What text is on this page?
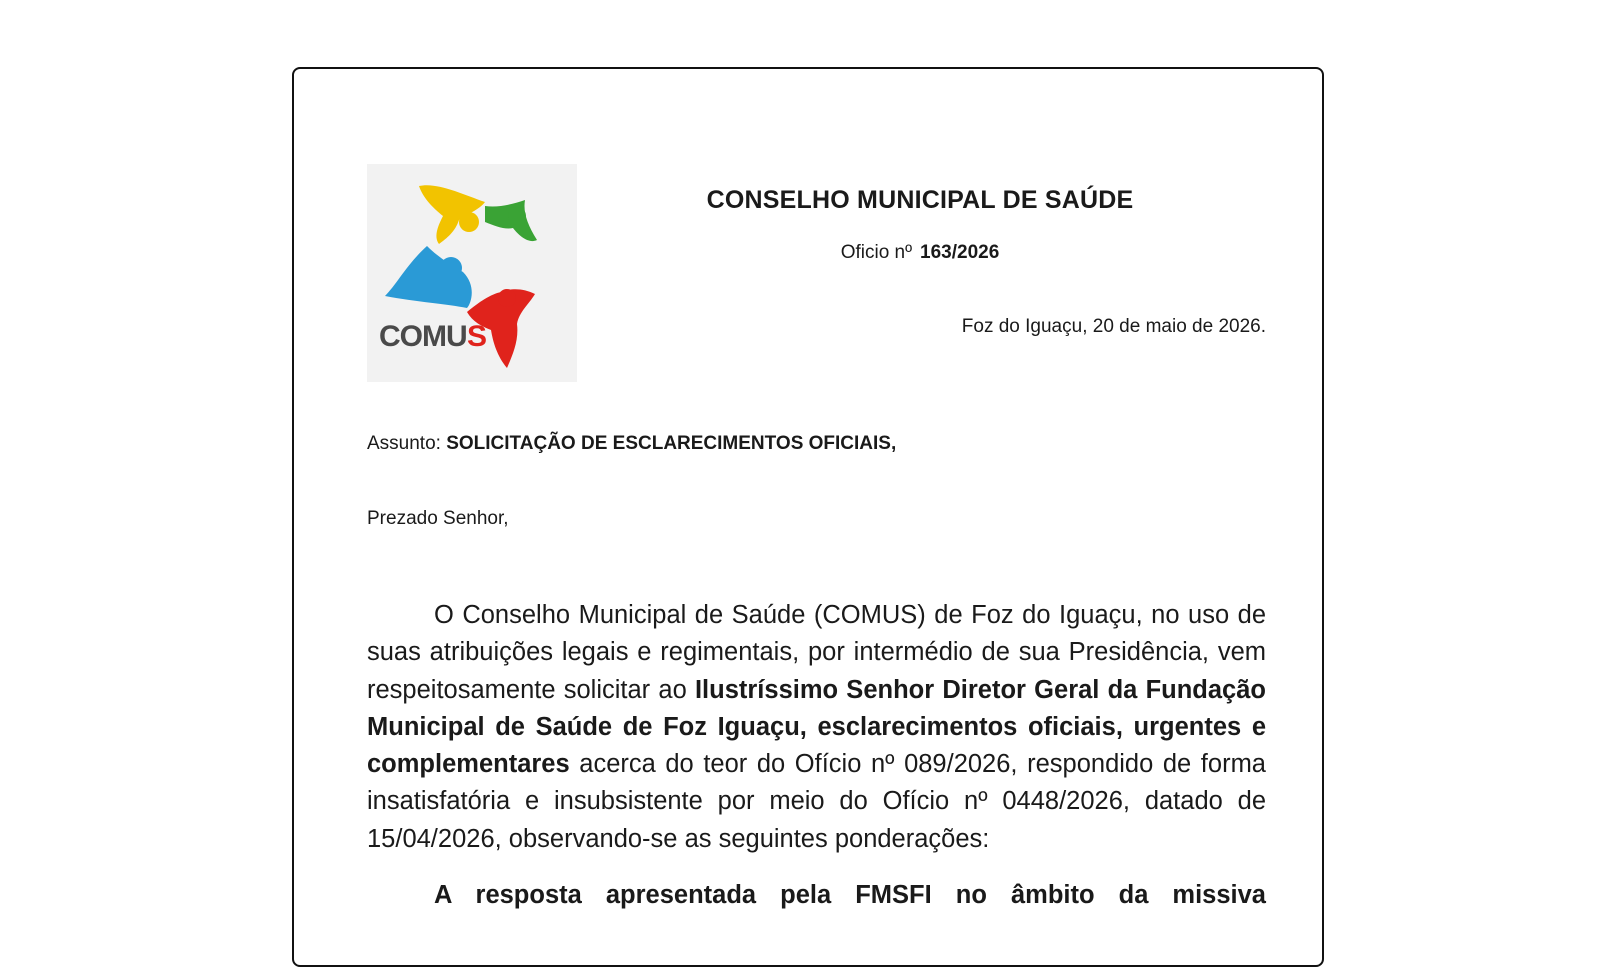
COMU S
CONSELHO MUNICIPAL DE SAÚDE
Oficio nº 163/2026
Foz do Iguaçu, 20 de maio de 2026.
Assunto: SOLICITAÇÃO DE ESCLARECIMENTOS OFICIAIS,
Prezado Senhor,

O Conselho Municipal de Saúde (COMUS) de Foz do Iguaçu, no uso de suas atribuições legais e regimentais, por intermédio de sua Presidência, vem respeitosamente solicitar ao Ilustríssimo Senhor Diretor Geral da Fundação Municipal de Saúde de Foz Iguaçu, esclarecimentos oficiais, urgentes e complementares acerca do teor do Ofício nº 089/2026, respondido de forma insatisfatória e insubsistente por meio do Ofício nº 0448/2026, datado de 15/04/2026, observando-se as seguintes ponderações:

A resposta apresentada pela FMSFI no âmbito da missiva
